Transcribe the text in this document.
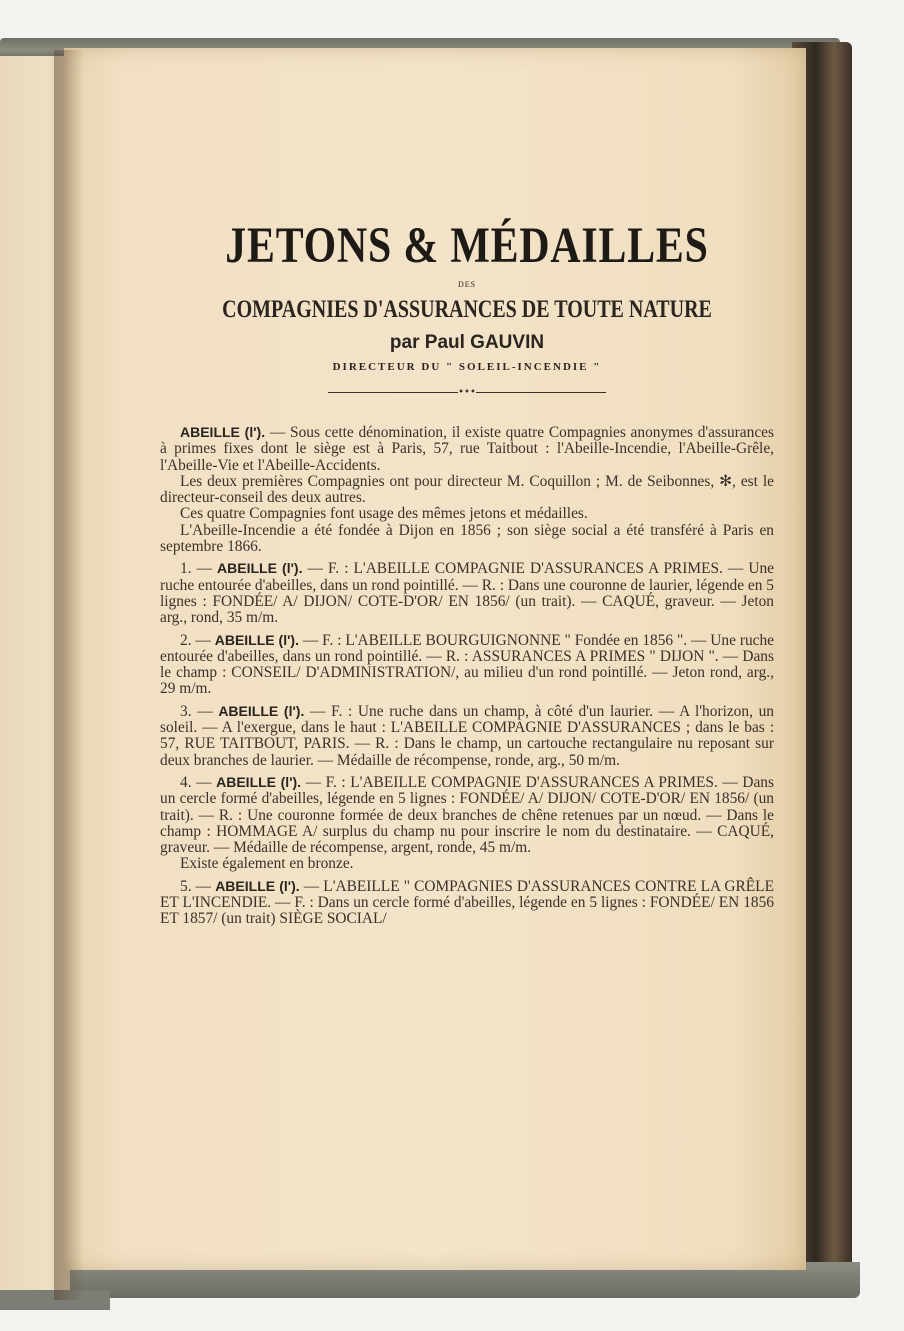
JETONS & MÉDAILLES
DES
COMPAGNIES D'ASSURANCES DE TOUTE NATURE
par Paul GAUVIN
DIRECTEUR DU " SOLEIL-INCENDIE "
•••

ABEILLE (l'). — Sous cette dénomination, il existe quatre Compagnies anonymes d'assurances à primes fixes dont le siège est à Paris, 57, rue Taitbout : l'Abeille-Incendie, l'Abeille-Grêle, l'Abeille-Vie et l'Abeille-Accidents.

Les deux premières Compagnies ont pour directeur M. Coquillon ; M. de Seibonnes, ✻, est le directeur-conseil des deux autres.

Ces quatre Compagnies font usage des mêmes jetons et médailles.

L'Abeille-Incendie a été fondée à Dijon en 1856 ; son siège social a été transféré à Paris en septembre 1866.

1. — ABEILLE (l'). — F. : L'ABEILLE COMPAGNIE D'ASSURANCES A PRIMES. — Une ruche entourée d'abeilles, dans un rond pointillé. — R. : Dans une couronne de laurier, légende en 5 lignes : FONDÉE/ A/ DIJON/ COTE-D'OR/ EN 1856/ (un trait). — CAQUÉ, graveur. — Jeton arg., rond, 35 m/m.

2. — ABEILLE (l'). — F. : L'ABEILLE BOURGUIGNONNE " Fondée en 1856 ". — Une ruche entourée d'abeilles, dans un rond pointillé. — R. : ASSURANCES A PRIMES " DIJON ". — Dans le champ : CONSEIL/ D'ADMINISTRATION/, au milieu d'un rond pointillé. — Jeton rond, arg., 29 m/m.

3. — ABEILLE (l'). — F. : Une ruche dans un champ, à côté d'un laurier. — A l'horizon, un soleil. — A l'exergue, dans le haut : L'ABEILLE COMPAGNIE D'ASSURANCES ; dans le bas : 57, RUE TAITBOUT, PARIS. — R. : Dans le champ, un cartouche rectangulaire nu reposant sur deux branches de laurier. — Médaille de récompense, ronde, arg., 50 m/m.

4. — ABEILLE (l'). — F. : L'ABEILLE COMPAGNIE D'ASSURANCES A PRIMES. — Dans un cercle formé d'abeilles, légende en 5 lignes : FONDÉE/ A/ DIJON/ COTE-D'OR/ EN 1856/ (un trait). — R. : Une couronne formée de deux branches de chêne retenues par un nœud. — Dans le champ : HOMMAGE A/ surplus du champ nu pour inscrire le nom du destinataire. — CAQUÉ, graveur. — Médaille de récompense, argent, ronde, 45 m/m.

Existe également en bronze.

5. — ABEILLE (l'). — L'ABEILLE " COMPAGNIES D'ASSURANCES CONTRE LA GRÊLE ET L'INCENDIE. — F. : Dans un cercle formé d'abeilles, légende en 5 lignes : FONDÉE/ EN 1856 ET 1857/ (un trait) SIÈGE SOCIAL/
